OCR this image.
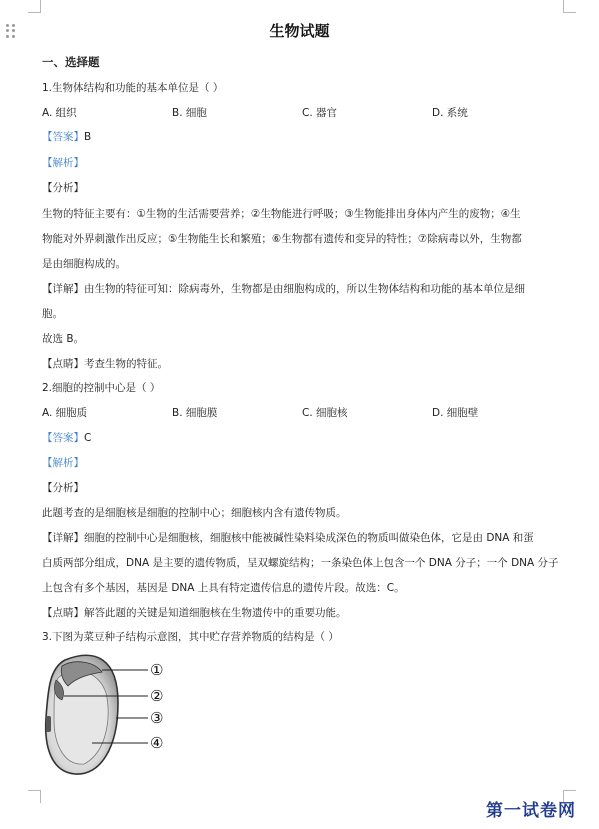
生物试题
一、选择题
1.生物体结构和功能的基本单位是（ ）
A. 组织	B. 细胞	C. 器官	D. 系统
【答案】B
【解析】
【分析】
生物的特征主要有：①生物的生活需要营养；②生物能进行呼吸；③生物能排出身体内产生的废物；④生
物能对外界刺激作出反应；⑤生物能生长和繁殖；⑥生物都有遗传和变异的特性；⑦除病毒以外，生物都
是由细胞构成的。
【详解】由生物的特征可知：除病毒外，生物都是由细胞构成的，所以生物体结构和功能的基本单位是细
胞。
故选 B。
【点睛】考查生物的特征。
2.细胞的控制中心是（ ）
A. 细胞质	B. 细胞膜	C. 细胞核	D. 细胞壁
【答案】C
【解析】
【分析】
此题考查的是细胞核是细胞的控制中心；细胞核内含有遗传物质。
【详解】细胞的控制中心是细胞核，细胞核中能被碱性染料染成深色的物质叫做染色体，它是由 DNA 和蛋
白质两部分组成，DNA 是主要的遗传物质，呈双螺旋结构；一条染色体上包含一个 DNA 分子；一个 DNA 分子
上包含有多个基因，基因是 DNA 上具有特定遗传信息的遗传片段。故选：C。
【点睛】解答此题的关键是知道细胞核在生物遗传中的重要功能。
3.下图为菜豆种子结构示意图，其中贮存营养物质的结构是（ ）
①
②
③
④
第一试卷网
